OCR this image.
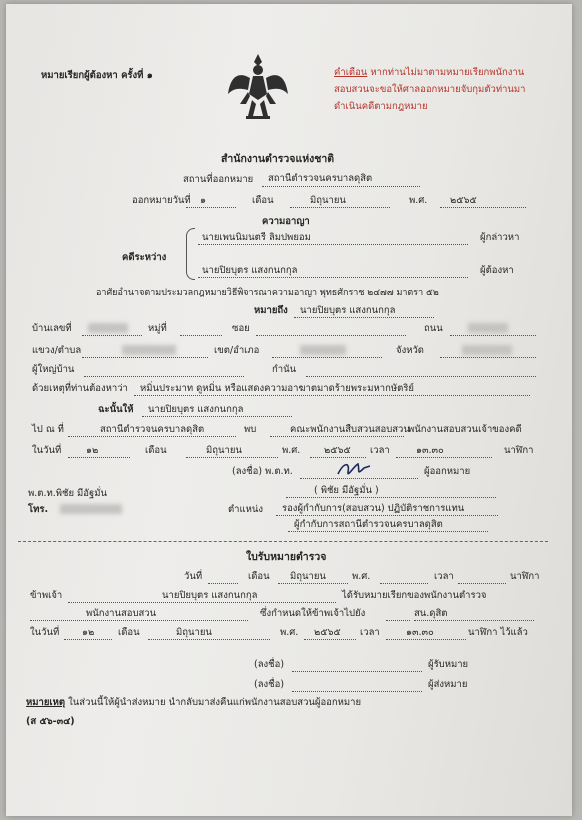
หมายเรียกผู้ต้องหา ครั้งที่ ๑	คำเตือน หากท่านไม่มาตามหมายเรียกพนักงาน
สอบสวนจะขอให้ศาลออกหมายจับกุมตัวท่านมา
ดำเนินคดีตามกฎหมาย
สำนักงานตำรวจแห่งชาติ
สถานที่ออกหมาย สถานีตำรวจนครบาลดุสิต
ออกหมายวันที่ ๑	เดือน	มิถุนายน	พ.ศ. ๒๕๖๕
ความอาญา
คดีระหว่าง
นายเพนนิมนตรี ลิมปพยอม	ผู้กล่าวหา
นายปิยบุตร แสงกนกกุล	ผู้ต้องหา
อาศัยอำนาจตามประมวลกฎหมายวิธีพิจารณาความอาญา พุทธศักราช ๒๔๗๗ มาตรา ๕๒
หมายถึง นายปิยบุตร แสงกนกกุล
บ้านเลขที่	หมู่ที่	ซอย	ถนน
แขวง/ตำบล	เขต/อำเภอ	จังหวัด
ผู้ใหญ่บ้าน	กำนัน
ด้วยเหตุที่ท่านต้องหาว่า หมิ่นประมาท ดูหมิ่น หรือแสดงความอาฆาตมาดร้ายพระมหากษัตริย์
ฉะนั้นให้ นายปิยบุตร แสงกนกกุล
ไป ณ ที่	สถานีตำรวจนครบาลดุสิต	พบ	คณะพนักงานสืบสวนสอบสวน
พนักงานสอบสวนเจ้าของคดี
ในวันที่	๑๒	เดือน	มิถุนายน	พ.ศ. ๒๕๖๕ เวลา	๑๓.๓๐	นาฬิกา
(ลงชื่อ) พ.ต.ท.	ผู้ออกหมาย
พ.ต.ท.พิชัย มีอัฐมั่น	( พิชัย มีอัฐมั่น )
โทร.	ตำแหน่ง รองผู้กำกับการ(สอบสวน) ปฏิบัติราชการแทน
ผู้กำกับการสถานีตำรวจนครบาลดุสิต
ใบรับหมายตำรวจ
วันที่	เดือน มิถุนายน	พ.ศ.	เวลา	นาฬิกา
ข้าพเจ้า	นายปิยบุตร แสงกนกกุล	ได้รับหมายเรียกของพนักงานตำรวจ
พนักงานสอบสวน	ซึ่งกำหนดให้ข้าพเจ้าไปยัง	สน.ดุสิต
ในวันที่ ๑๒ เดือน	มิถุนายน	พ.ศ. ๒๕๖๕ เวลา	๑๓.๓๐	นาฬิกา ไว้แล้ว
(ลงชื่อ)	ผู้รับหมาย
(ลงชื่อ)	ผู้ส่งหมาย
หมายเหตุ ในส่วนนี้ให้ผู้นำส่งหมาย นำกลับมาส่งคืนแก่พนักงานสอบสวนผู้ออกหมาย
(ส ๕๖-๓๔)
